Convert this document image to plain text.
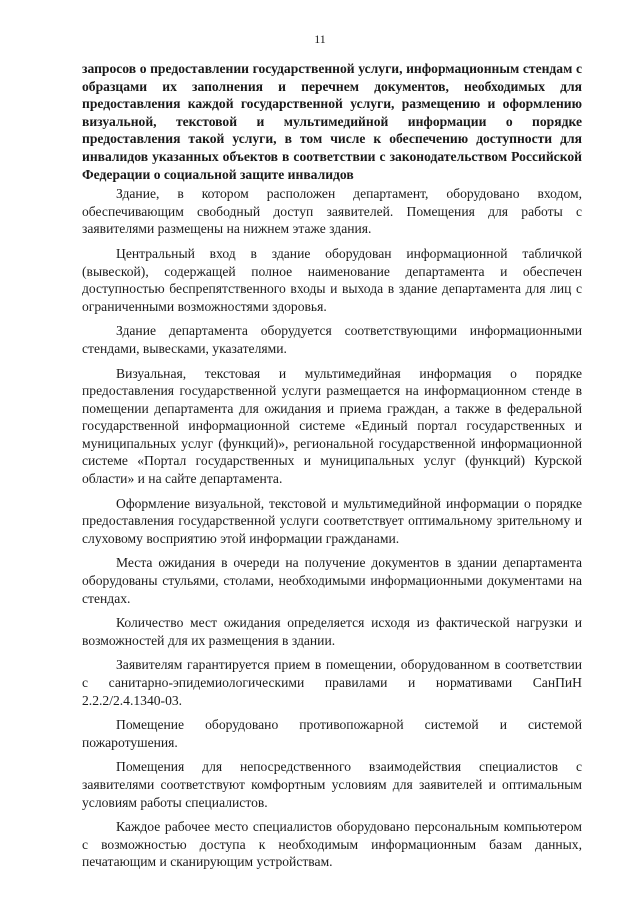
11

запросов о предоставлении государственной услуги, информационным стендам с образцами их заполнения и перечнем документов, необходимых для предоставления каждой государственной услуги, размещению и оформлению визуальной, текстовой и мультимедийной информации о порядке предоставления такой услуги, в том числе к обеспечению доступности для инвалидов указанных объектов в соответствии с законодательством Российской Федерации о социальной защите инвалидов

Здание, в котором расположен департамент, оборудовано входом, обеспечивающим свободный доступ заявителей. Помещения для работы с заявителями размещены на нижнем этаже здания.

Центральный вход в здание оборудован информационной табличкой (вывеской), содержащей полное наименование департамента и обеспечен доступностью беспрепятственного входы и выхода в здание департамента для лиц с ограниченными возможностями здоровья.

Здание департамента оборудуется соответствующими информационными стендами, вывесками, указателями.

Визуальная, текстовая и мультимедийная информация о порядке предоставления государственной услуги размещается на информационном стенде в помещении департамента для ожидания и приема граждан, а также в федеральной государственной информационной системе «Единый портал государственных и муниципальных услуг (функций)», региональной государственной информационной системе «Портал государственных и муниципальных услуг (функций) Курской области» и на сайте департамента.

Оформление визуальной, текстовой и мультимедийной информации о порядке предоставления государственной услуги соответствует оптимальному зрительному и слуховому восприятию этой информации гражданами.

Места ожидания в очереди на получение документов в здании департамента оборудованы стульями, столами, необходимыми информационными документами на стендах.

Количество мест ожидания определяется исходя из фактической нагрузки и возможностей для их размещения в здании.

Заявителям гарантируется прием в помещении, оборудованном в соответствии с санитарно-эпидемиологическими правилами и нормативами СанПиН 2.2.2/2.4.1340-03.

Помещение оборудовано противопожарной системой и системой пожаротушения.

Помещения для непосредственного взаимодействия специалистов с заявителями соответствуют комфортным условиям для заявителей и оптимальным условиям работы специалистов.

Каждое рабочее место специалистов оборудовано персональным компьютером с возможностью доступа к необходимым информационным базам данных, печатающим и сканирующим устройствам.
